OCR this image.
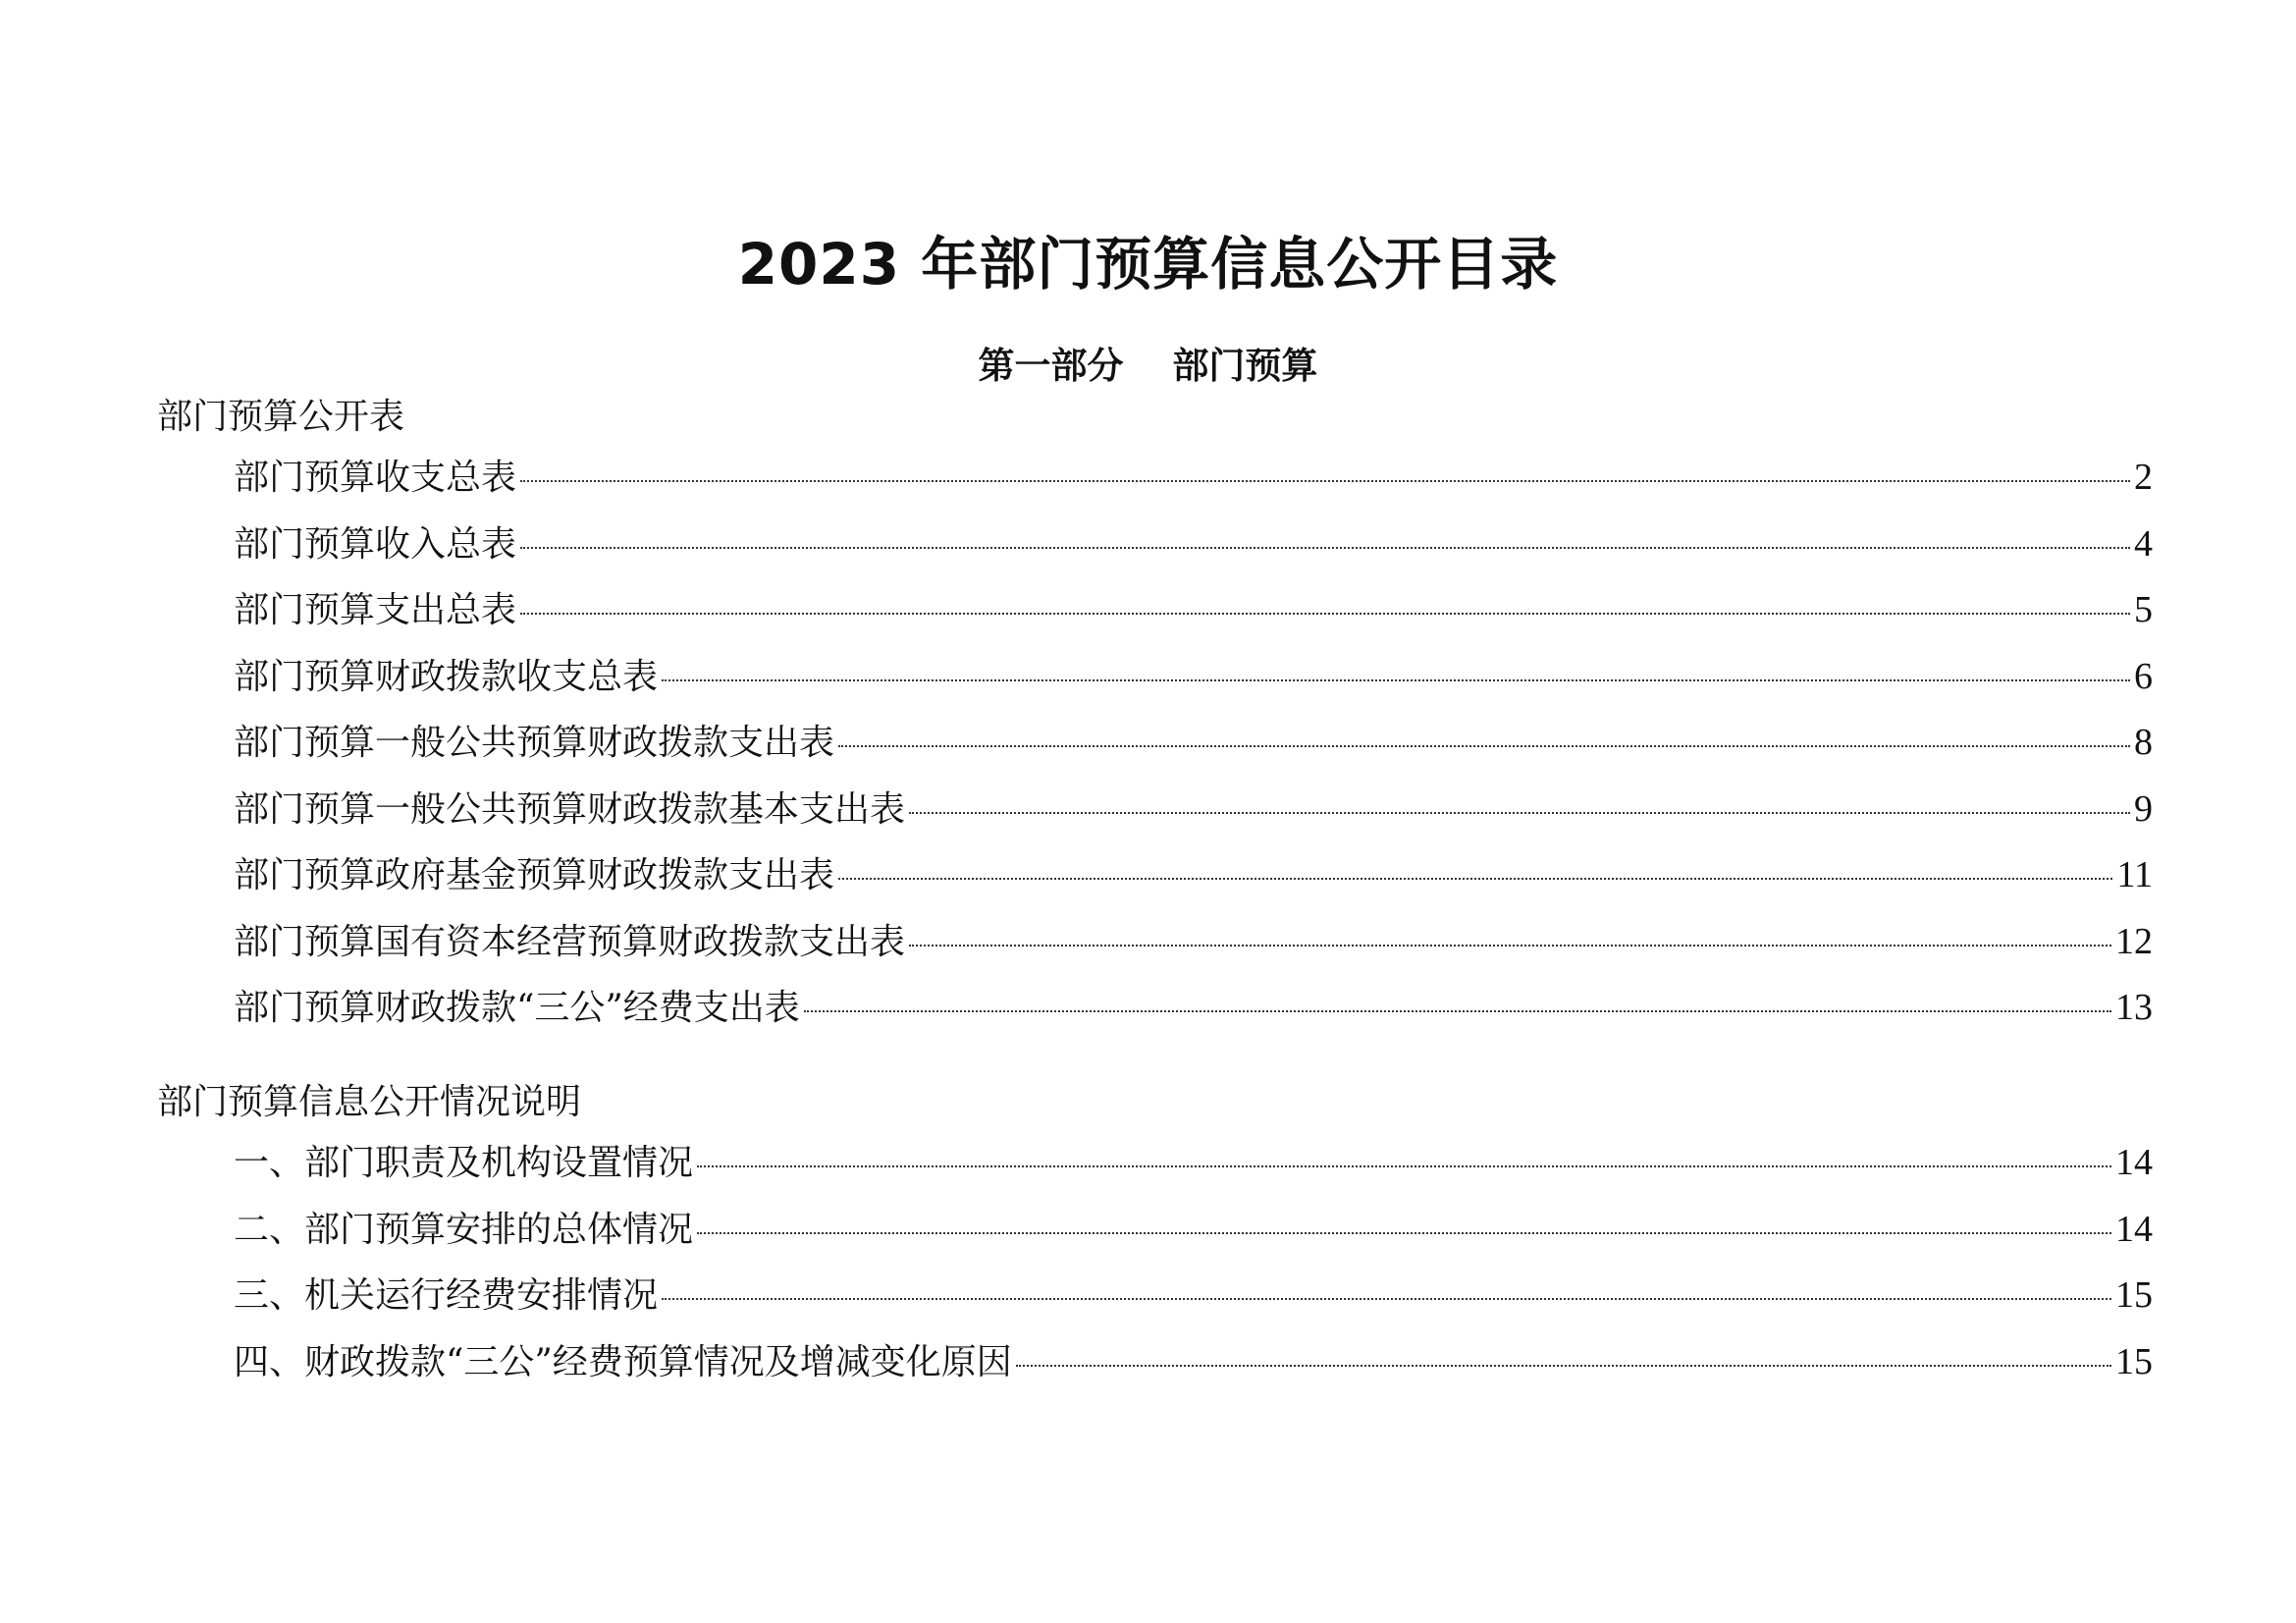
2023 年部门预算信息公开目录
第一部分　 部门预算
部门预算公开表
部门预算收支总表	2
部门预算收入总表	4
部门预算支出总表	5
部门预算财政拨款收支总表	6
部门预算一般公共预算财政拨款支出表	8
部门预算一般公共预算财政拨款基本支出表	9
部门预算政府基金预算财政拨款支出表	11
部门预算国有资本经营预算财政拨款支出表	12
部门预算财政拨款“三公”经费支出表	13
部门预算信息公开情况说明
一、部门职责及机构设置情况	14
二、部门预算安排的总体情况	14
三、机关运行经费安排情况	15
四、财政拨款“三公”经费预算情况及增减变化原因	15
